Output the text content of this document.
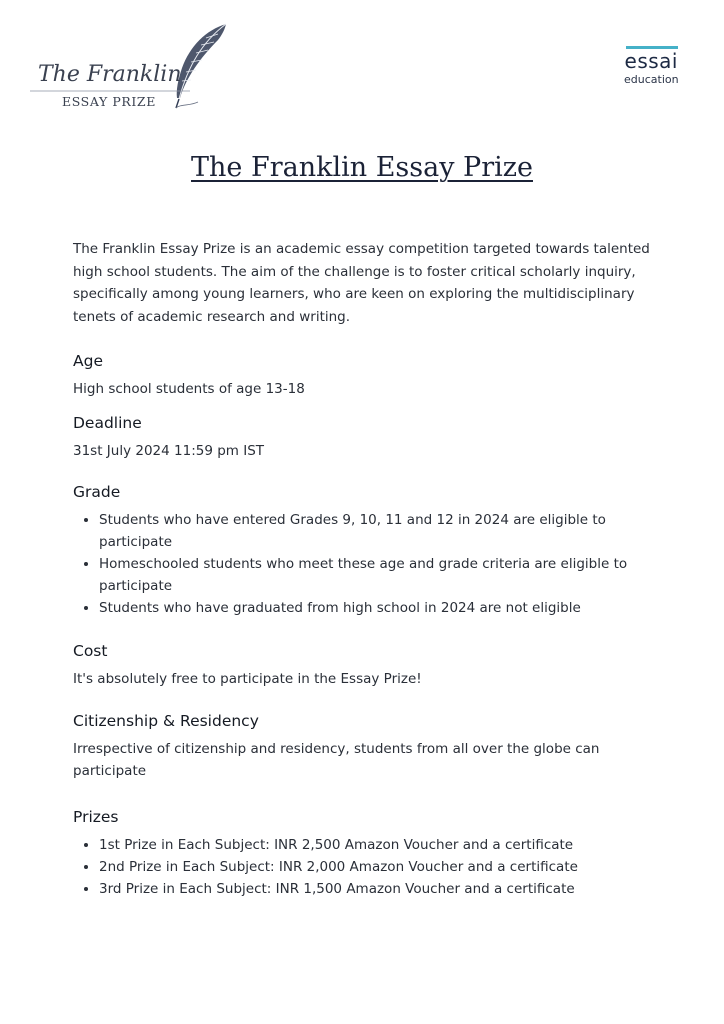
The Franklin
ESSAY PRIZE
essai
education
The Franklin Essay Prize

The Franklin Essay Prize is an academic essay competition targeted towards talented high school students. The aim of the challenge is to foster critical scholarly inquiry, specifically among young learners, who are keen on exploring the multidisciplinary tenets of academic research and writing.

Age

High school students of age 13-18

Deadline

31st July 2024 11:59 pm IST

Grade
• Students who have entered Grades 9, 10, 11 and 12 in 2024 are eligible to participate
• Homeschooled students who meet these age and grade criteria are eligible to participate
• Students who have graduated from high school in 2024 are not eligible
Cost

It's absolutely free to participate in the Essay Prize!

Citizenship & Residency

Irrespective of citizenship and residency, students from all over the globe can participate

Prizes
• 1st Prize in Each Subject: INR 2,500 Amazon Voucher and a certificate
• 2nd Prize in Each Subject: INR 2,000 Amazon Voucher and a certificate
• 3rd Prize in Each Subject: INR 1,500 Amazon Voucher and a certificate
